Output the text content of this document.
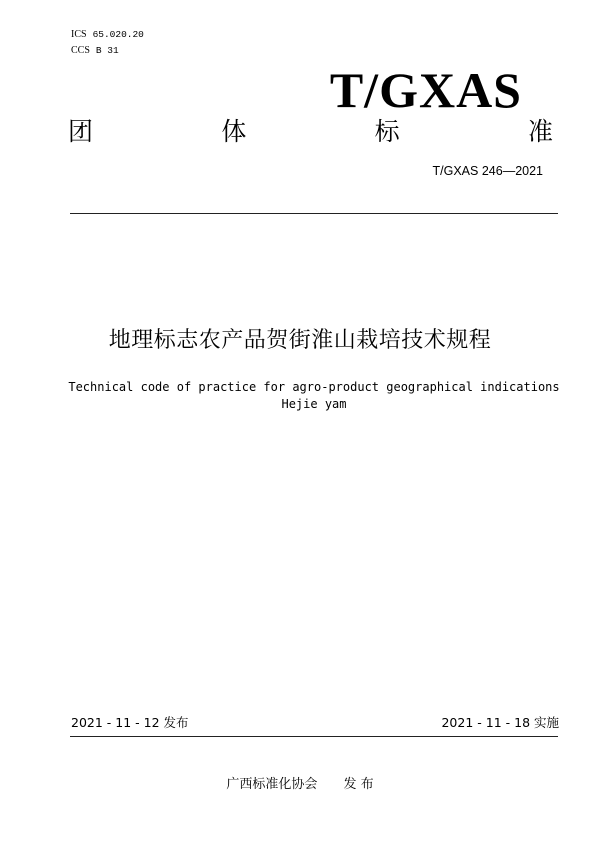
ICS 65.020.20
CCS B 31
T/GXAS
团	体	标	准
T/GXAS 246—2021
地理标志农产品贺街淮山栽培技术规程
Technical code of practice for agro-product geographical indications
Hejie yam
2021 - 11 - 12 发布	2021 - 11 - 18 实施
广西标准化协会 发 布
